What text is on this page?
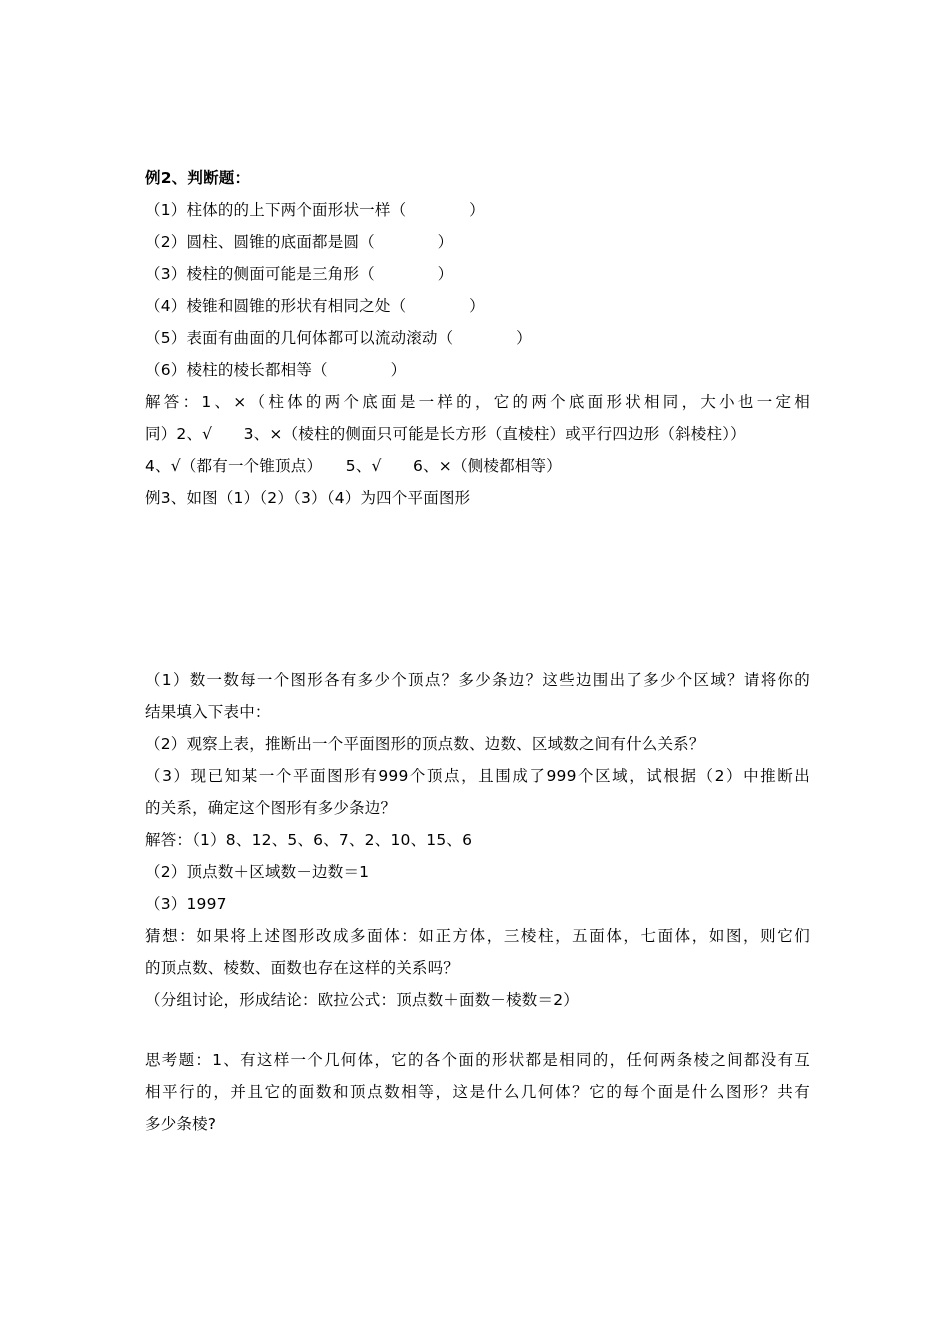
例2、判断题：
（1）柱体的的上下两个面形状一样（　　　　）
（2）圆柱、圆锥的底面都是圆（　　　　）
（3）棱柱的侧面可能是三角形（　　　　）
（4）棱锥和圆锥的形状有相同之处（　　　　）
（5）表面有曲面的几何体都可以流动滚动（　　　　）
（6）棱柱的棱长都相等（　　　　）
解答：1、×（柱体的两个底面是一样的，它的两个底面形状相同，大小也一定相
同）2、√　　3、×（棱柱的侧面只可能是长方形（直棱柱）或平行四边形（斜棱柱））
4、√（都有一个锥顶点）　　5、√　　6、×（侧棱都相等）
例3、如图（1）（2）（3）（4）为四个平面图形
（1）数一数每一个图形各有多少个顶点？多少条边？这些边围出了多少个区域？请将你的
结果填入下表中：
（2）观察上表，推断出一个平面图形的顶点数、边数、区域数之间有什么关系？
（3）现已知某一个平面图形有999个顶点，且围成了999个区域，试根据（2）中推断出
的关系，确定这个图形有多少条边？
解答：（1）8、12、5、6、7、2、10、15、6
（2）顶点数＋区域数－边数＝1
（3）1997
猜想：如果将上述图形改成多面体：如正方体，三棱柱，五面体，七面体，如图，则它们
的顶点数、棱数、面数也存在这样的关系吗？
（分组讨论，形成结论：欧拉公式：顶点数＋面数－棱数＝2）
思考题：1、有这样一个几何体，它的各个面的形状都是相同的，任何两条棱之间都没有互
相平行的，并且它的面数和顶点数相等，这是什么几何体？它的每个面是什么图形？共有
多少条棱?
